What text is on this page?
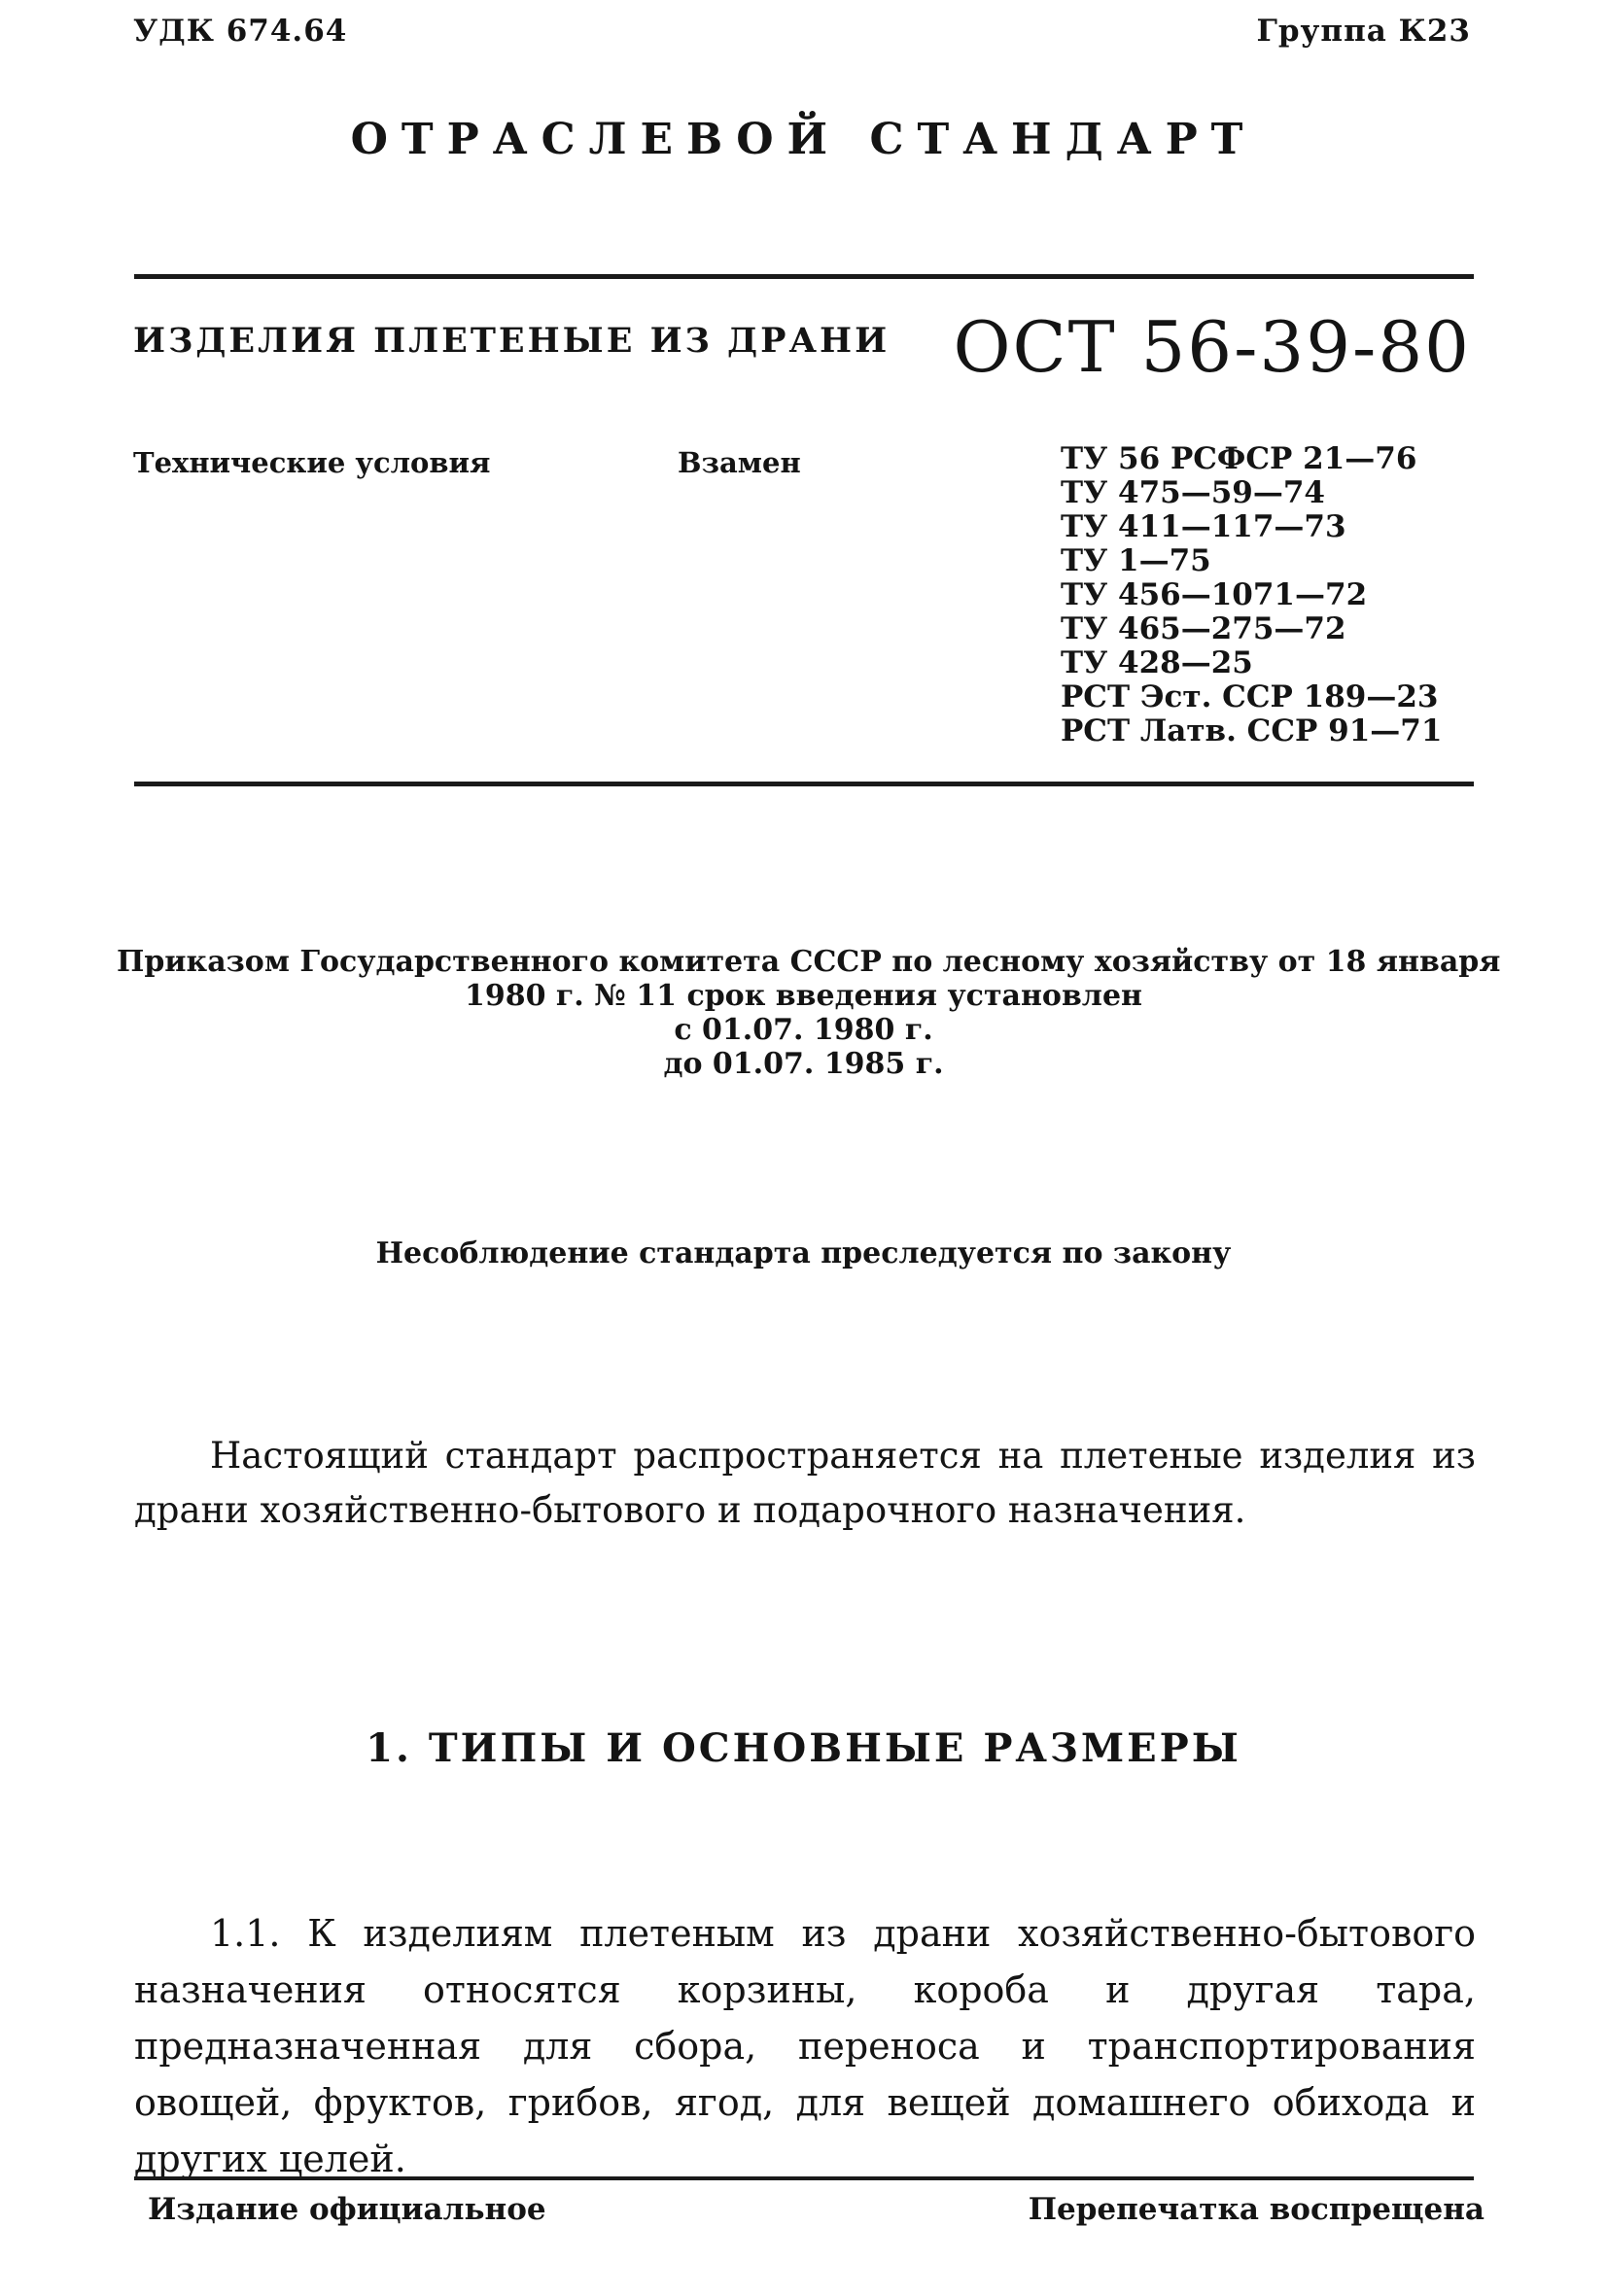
УДК 674.64	Группа К23
ОТРАСЛЕВОЙ СТАНДАРТ
ИЗДЕЛИЯ ПЛЕТЕНЫЕ ИЗ ДРАНИ ОСТ 56-39-80
Технические условия	Взамен	ТУ 56 РСФСР 21—76
ТУ 475—59—74
ТУ 411—117—73
ТУ 1—75
ТУ 456—1071—72
ТУ 465—275—72
ТУ 428—25
РСТ Эст. ССР 189—23
РСТ Латв. ССР 91—71
Приказом Государственного комитета СССР по лесному хозяйству от 18 января
1980 г. № 11 срок введения установлен
с 01.07. 1980 г.
до 01.07. 1985 г.
Несоблюдение стандарта преследуется по закону

Настоящий стандарт распространяется на плетеные изделия из драни хозяйственно-бытового и подарочного назначения.

1. ТИПЫ И ОСНОВНЫЕ РАЗМЕРЫ

1.1. К изделиям плетеным из драни хозяйственно-бытового назначения относятся корзины, короба и другая тара, предназначенная для сбора, переноса и транспортирования овощей, фруктов, грибов, ягод, для вещей домашнего обихода и других целей.

Издание официальное	Перепечатка воспрещена
